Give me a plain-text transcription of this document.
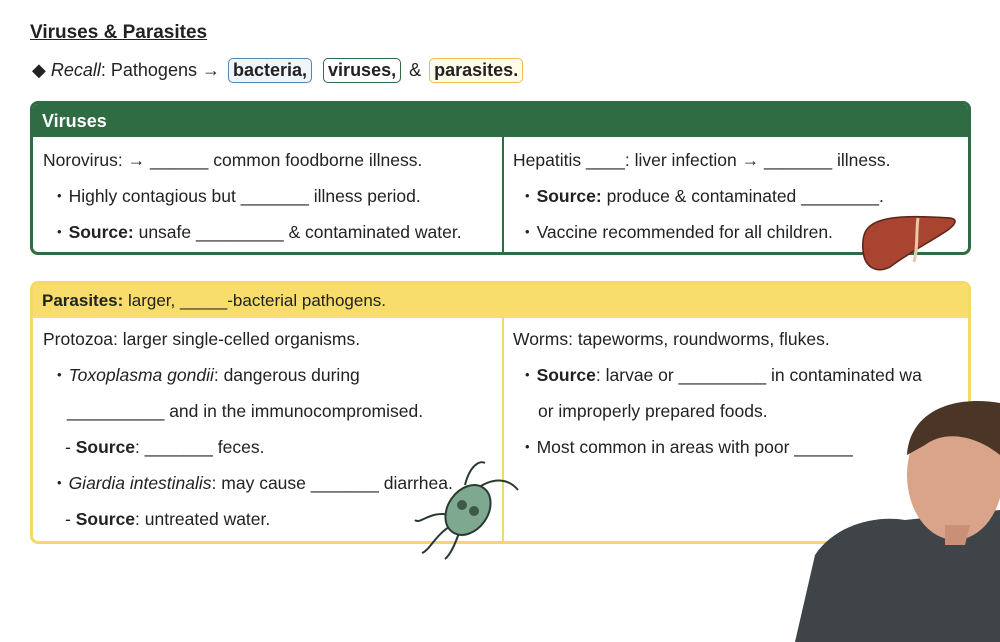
Viruses & Parasites
◆ Recall: Pathogens → bacteria, viruses, & parasites.
Viruses
Norovirus: → ______ common foodborne illness.
• Highly contagious but _______ illness period.
• Source: unsafe _________ & contaminated water.
Hepatitis ____: liver infection → _______ illness.
• Source: produce & contaminated ________.
• Vaccine recommended for all children.
Parasites: larger, _____-bacterial pathogens.
Protozoa: larger single-celled organisms.
• Toxoplasma gondii: dangerous during
__________ and in the immunocompromised.
- Source: _______ feces.
• Giardia intestinalis: may cause _______ diarrhea.
- Source: untreated water.
Worms: tapeworms, roundworms, flukes.
• Source: larvae or _________ in contaminated wa
or improperly prepared foods.
• Most common in areas with poor ______
